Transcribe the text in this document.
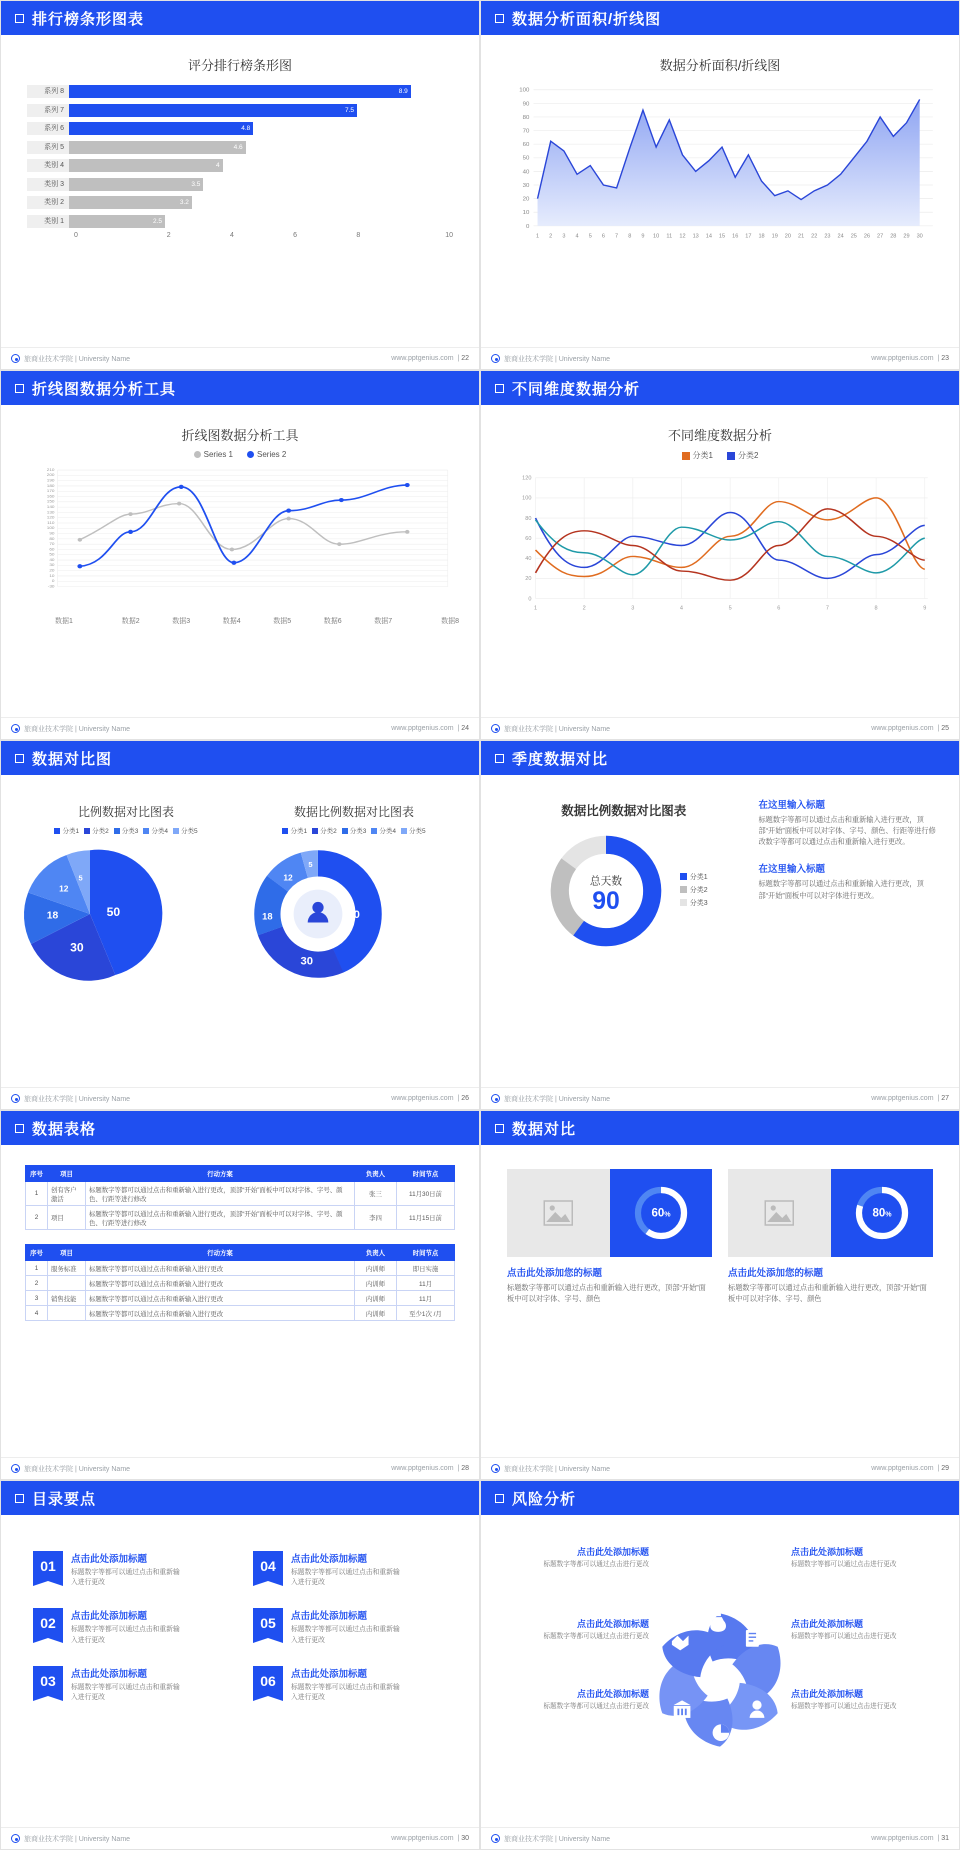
排行榜条形图表
评分排行榜条形图
系列 8	8.9
系列 7	7.5
系列 6	4.8
系列 5	4.6
类别 4	4
类别 3	3.5
类别 2	3.2
类别 1	2.5
0	2	4	6	8	10
旅商业技术学院 | University Name	www.pptgenius.com  | 22
数据分析面积/折线图
数据分析面积/折线图
100
90
80
70
60
50
40
30
20
10
0
1 2 3 4 5 6 7 8 9 10 11 12 13 14 15 16 17 18 19 20 21 22 23 24 25 26 27 28 29 30
旅商业技术学院 | University Name	www.pptgenius.com  | 23
折线图数据分析工具
折线图数据分析工具
Series 1	Series 2
210
200
190
180
170
160
150
140
130
120
110
100
90
80
70
60
50
40
30
20
10
0
-30
数据1	数据2	数据3	数据4	数据5	数据6	数据7	数据8
旅商业技术学院 | University Name	www.pptgenius.com  | 24
不同维度数据分析
不同维度数据分析
分类1	分类2
120
100
80
60
40
20
0
1	2	3	4	5	6	7	8	9
旅商业技术学院 | University Name	www.pptgenius.com  | 25
数据对比图
比例数据对比图表
分类1 分类2 分类3 分类4 分类5
50
30
18
12
5
数据比例数据对比图表
分类1 分类2 分类3 分类4 分类5
50
30
18
12
5
旅商业技术学院 | University Name	www.pptgenius.com  | 26
季度数据对比
数据比例数据对比图表
总天数
90
分类1
分类2
分类3
在这里输入标题
标题数字等都可以通过点击和重新输入进行更改，顶部“开始”面板中可以对字体、字号、颜色、行距等进行修改数字等都可以通过点击和重新输入进行更改。
在这里输入标题
标题数字等都可以通过点击和重新输入进行更改，顶部“开始”面板中可以对字体进行更改。
旅商业技术学院 | University Name	www.pptgenius.com  | 27
数据表格
序号	项目	行动方案	负责人	时间节点
1	创有客户激活	标题数字等都可以通过点击和重新输入进行更改，顶部“开始”面板中可以对字体、字号、颜色、行距等进行修改	张三	11月30日前
2	项目	标题数字等都可以通过点击和重新输入进行更改，顶部“开始”面板中可以对字体、字号、颜色、行距等进行修改	李四	11月15日前
序号	项目	行动方案	负责人	时间节点
1	服务标准	标题数字等都可以通过点击和重新输入进行更改	内训师	即日实施
2		标题数字等都可以通过点击和重新输入进行更改	内训师	11月
3	销售技能	标题数字等都可以通过点击和重新输入进行更改	内训师	11月
4		标题数字等都可以通过点击和重新输入进行更改	内训师	至少1次 /月
旅商业技术学院 | University Name	www.pptgenius.com  | 28
数据对比
60%
点击此处添加您的标题
标题数字等都可以通过点击和重新输入进行更改，顶部“开始”面板中可以对字体、字号、颜色
80%
点击此处添加您的标题
标题数字等都可以通过点击和重新输入进行更改，顶部“开始”面板中可以对字体、字号、颜色
旅商业技术学院 | University Name	www.pptgenius.com  | 29
目录要点
01	点击此处添加标题
标题数字等都可以通过点击和重新输入进行更改
02	点击此处添加标题
标题数字等都可以通过点击和重新输入进行更改
03	点击此处添加标题
标题数字等都可以通过点击和重新输入进行更改
04	点击此处添加标题
标题数字等都可以通过点击和重新输入进行更改
05	点击此处添加标题
标题数字等都可以通过点击和重新输入进行更改
06	点击此处添加标题
标题数字等都可以通过点击和重新输入进行更改
旅商业技术学院 | University Name	www.pptgenius.com  | 30
风险分析
点击此处添加标题
标题数字等都可以通过点击进行更改
点击此处添加标题
标题数字等都可以通过点击进行更改
点击此处添加标题
标题数字等都可以通过点击进行更改
点击此处添加标题
标题数字等都可以通过点击进行更改
点击此处添加标题
标题数字等都可以通过点击进行更改
点击此处添加标题
标题数字等都可以通过点击进行更改
旅商业技术学院 | University Name	www.pptgenius.com  | 31
